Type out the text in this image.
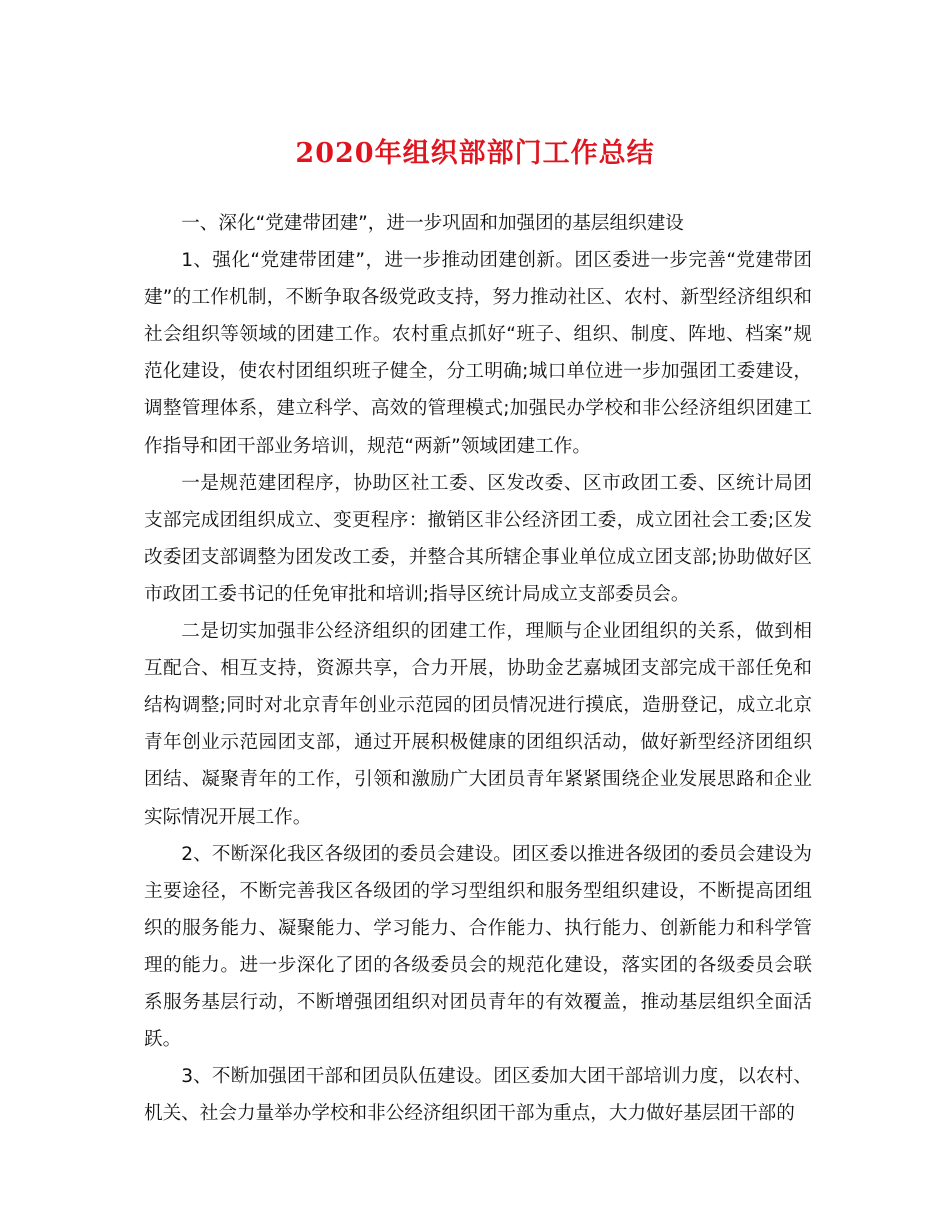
2020年组织部部门工作总结

一、深化“党建带团建”，进一步巩固和加强团的基层组织建设

1、强化“党建带团建”，进一步推动团建创新。团区委进一步完善“党建带团建”的工作机制，不断争取各级党政支持，努力推动社区、农村、新型经济组织和社会组织等领域的团建工作。农村重点抓好“班子、组织、制度、阵地、档案”规范化建设，使农村团组织班子健全，分工明确;城口单位进一步加强团工委建设，调整管理体系，建立科学、高效的管理模式;加强民办学校和非公经济组织团建工作指导和团干部业务培训，规范“两新”领域团建工作。

一是规范建团程序，协助区社工委、区发改委、区市政团工委、区统计局团支部完成团组织成立、变更程序：撤销区非公经济团工委，成立团社会工委;区发改委团支部调整为团发改工委，并整合其所辖企事业单位成立团支部;协助做好区市政团工委书记的任免审批和培训;指导区统计局成立支部委员会。

二是切实加强非公经济组织的团建工作，理顺与企业团组织的关系，做到相互配合、相互支持，资源共享，合力开展，协助金艺嘉城团支部完成干部任免和结构调整;同时对北京青年创业示范园的团员情况进行摸底，造册登记，成立北京青年创业示范园团支部，通过开展积极健康的团组织活动，做好新型经济团组织团结、凝聚青年的工作，引领和激励广大团员青年紧紧围绕企业发展思路和企业实际情况开展工作。

2、不断深化我区各级团的委员会建设。团区委以推进各级团的委员会建设为主要途径，不断完善我区各级团的学习型组织和服务型组织建设，不断提高团组织的服务能力、凝聚能力、学习能力、合作能力、执行能力、创新能力和科学管理的能力。进一步深化了团的各级委员会的规范化建设，落实团的各级委员会联系服务基层行动，不断增强团组织对团员青年的有效覆盖，推动基层组织全面活跃。

3、不断加强团干部和团员队伍建设。团区委加大团干部培训力度，以农村、机关、社会力量举办学校和非公经济组织团干部为重点，大力做好基层团干部的
